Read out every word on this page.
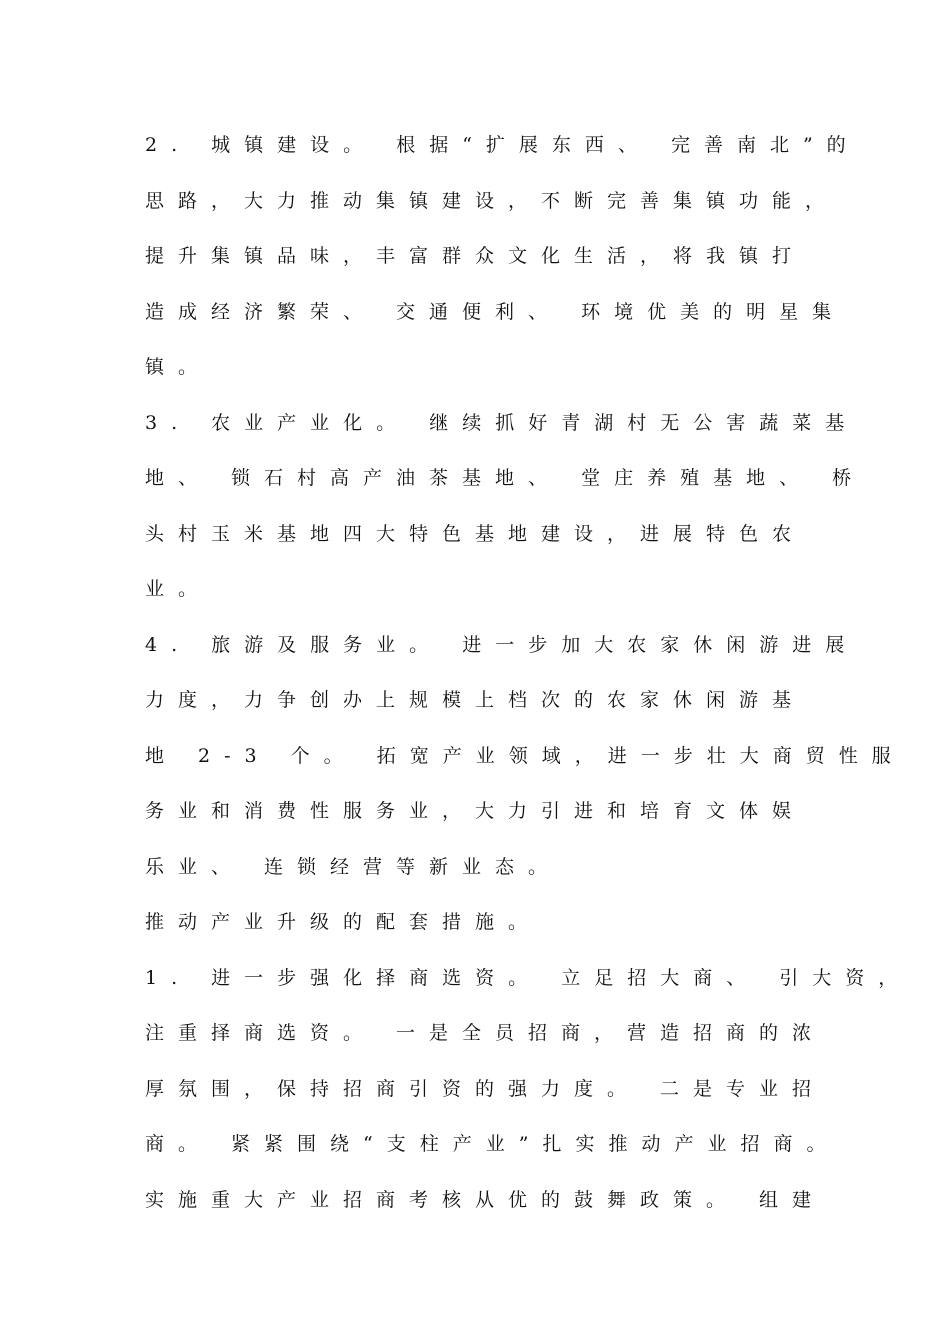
2. 城镇建设。 根据“扩展东西、 完善南北”的
思路，大力推动集镇建设，不断完善集镇功能，
提升集镇品味，丰富群众文化生活，将我镇打
造成经济繁荣、 交通便利、 环境优美的明星集
镇。
3. 农业产业化。 继续抓好青湖村无公害蔬菜基
地、 锁石村高产油茶基地、 堂庄养殖基地、 桥
头村玉米基地四大特色基地建设，进展特色农
业。
4. 旅游及服务业。 进一步加大农家休闲游进展
力度，力争创办上规模上档次的农家休闲游基
地 2-3 个。 拓宽产业领域，进一步壮大商贸性服
务业和消费性服务业，大力引进和培育文体娱
乐业、 连锁经营等新业态。
推动产业升级的配套措施。
1. 进一步强化择商选资。 立足招大商、 引大资，
注重择商选资。 一是全员招商，营造招商的浓
厚氛围，保持招商引资的强力度。 二是专业招
商。 紧紧围绕“支柱产业”扎实推动产业招商。
实施重大产业招商考核从优的鼓舞政策。 组建
